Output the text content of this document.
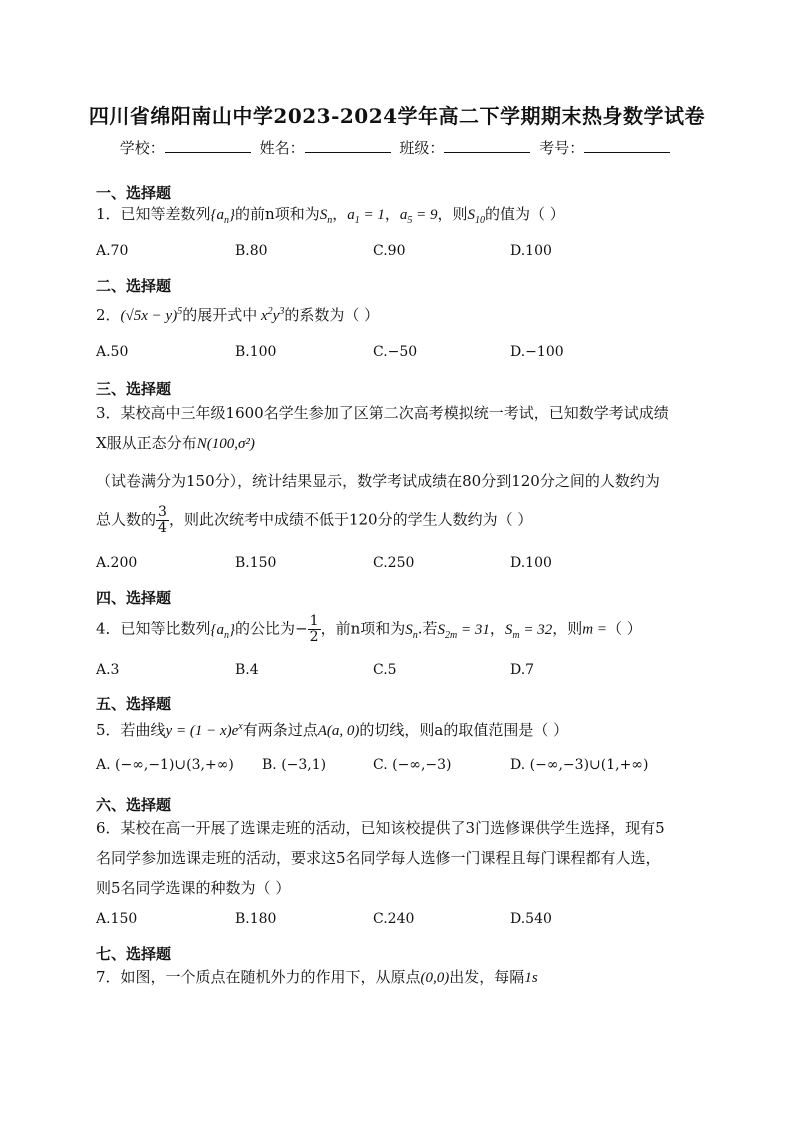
四川省绵阳南山中学2023-2024学年高二下学期期末热身数学试卷
学校：	姓名：	班级：	考号：
一、选择题
1．已知等差数列$\{a_n\}$的前n项和为$S_n$，$a_1 = 1$，$a_5 = 9$，则$S_{10}$的值为（ ）
A.70	B.80	C.90	D.100
二、选择题
2．$(√5x - y)^5$的展开式中 $x^2y^3$的系数为（ ）
A.50	B.100	C.−50	D.−100
三、选择题
3．某校高中三年级1600名学生参加了区第二次高考模拟统一考试，已知数学考试成绩
X服从正态分布N(100,σ²)
（试卷满分为150分），统计结果显示，数学考试成绩在80分到120分之间的人数约为
总人数的 $\frac{3}{4}$ ，则此次统考中成绩不低于120分的学生人数约为（ ）
A.200	B.150	C.250	D.100
四、选择题
4．已知等比数列$\{a_n\}$的公比为− $\frac{1}{2}$ ，前n项和为$S_n$.若$S_{2m} = 31$，$S_m = 32$，则m =（ ）
A.3	B.4	C.5	D.7
五、选择题
5．若曲线$y = (1 - x)e^x$有两条过点A(a, 0)的切线，则a的取值范围是（ ）
A. (−∞,−1)∪(3,+∞) B. (−3,1)	C. (−∞,−3)	D. (−∞,−3)∪(1,+∞)
六、选择题
6．某校在高一开展了选课走班的活动，已知该校提供了3门选修课供学生选择，现有5
名同学参加选课走班的活动，要求这5名同学每人选修一门课程且每门课程都有人选，
则5名同学选课的种数为（ ）
A.150	B.180	C.240	D.540
七、选择题
7．如图，一个质点在随机外力的作用下，从原点(0,0)出发，每隔1s
